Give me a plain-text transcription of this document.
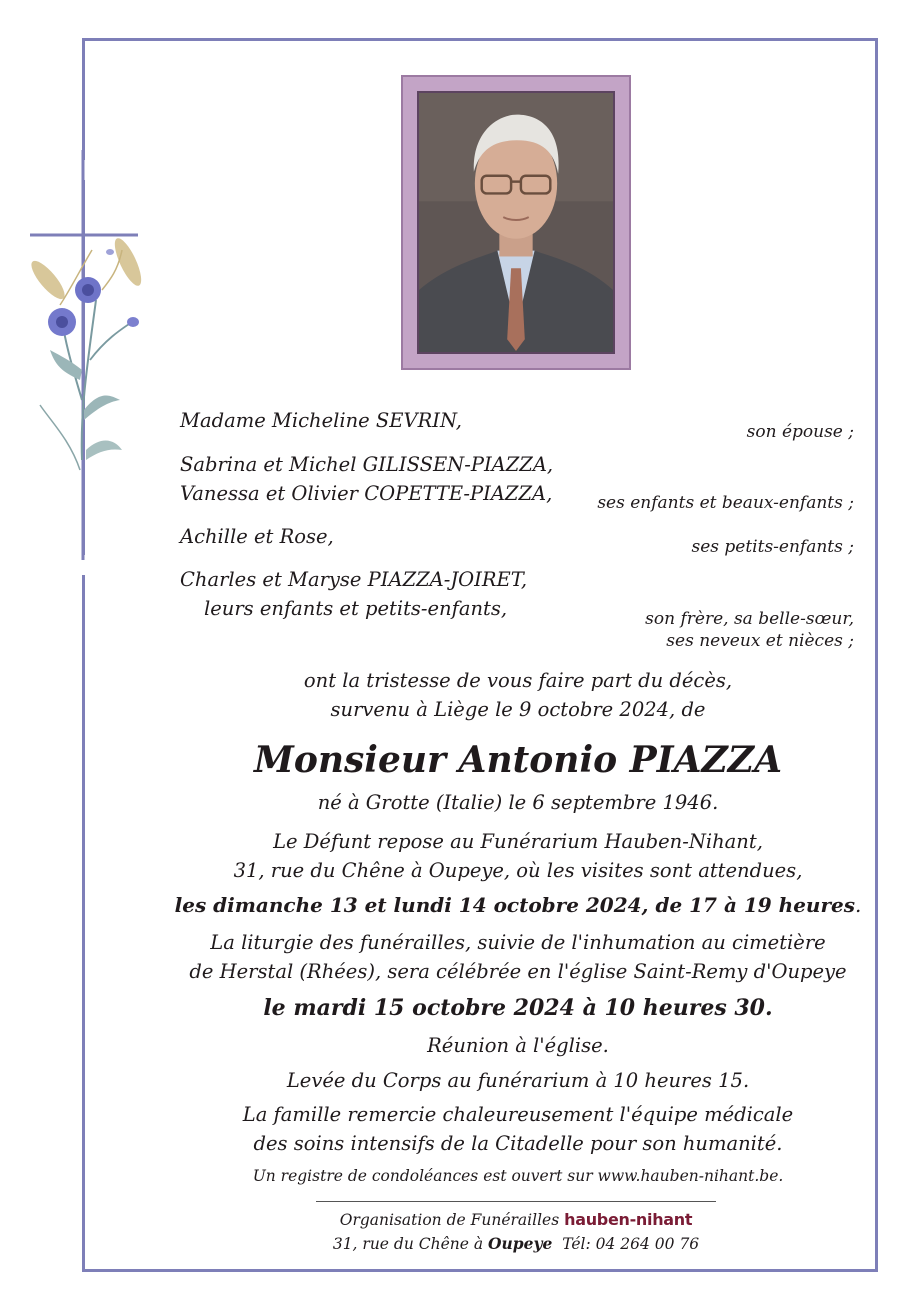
Madame Micheline SEVRIN,	son épouse ;
Sabrina et Michel GILISSEN-PIAZZA,
Vanessa et Olivier COPETTE-PIAZZA,	ses enfants et beaux-enfants ;
Achille et Rose,	ses petits-enfants ;
Charles et Maryse PIAZZA-JOIRET,
leurs enfants et petits-enfants,	son frère, sa belle-sœur,
ses neveux et nièces ;
ont la tristesse de vous faire part du décès,
survenu à Liège le 9 octobre 2024, de
Monsieur Antonio PIAZZA
né à Grotte (Italie) le 6 septembre 1946.
Le Défunt repose au Funérarium Hauben-Nihant,
31, rue du Chêne à Oupeye, où les visites sont attendues,
les dimanche 13 et lundi 14 octobre 2024, de 17 à 19 heures.
La liturgie des funérailles, suivie de l'inhumation au cimetière
de Herstal (Rhées), sera célébrée en l'église Saint-Remy d'Oupeye
le mardi 15 octobre 2024 à 10 heures 30.
Réunion à l'église.
Levée du Corps au funérarium à 10 heures 15.
La famille remercie chaleureusement l'équipe médicale
des soins intensifs de la Citadelle pour son humanité.
Un registre de condoléances est ouvert sur www.hauben-nihant.be.
Organisation de Funérailles hauben-nihant
31, rue du Chêne à Oupeye Tél: 04 264 00 76
